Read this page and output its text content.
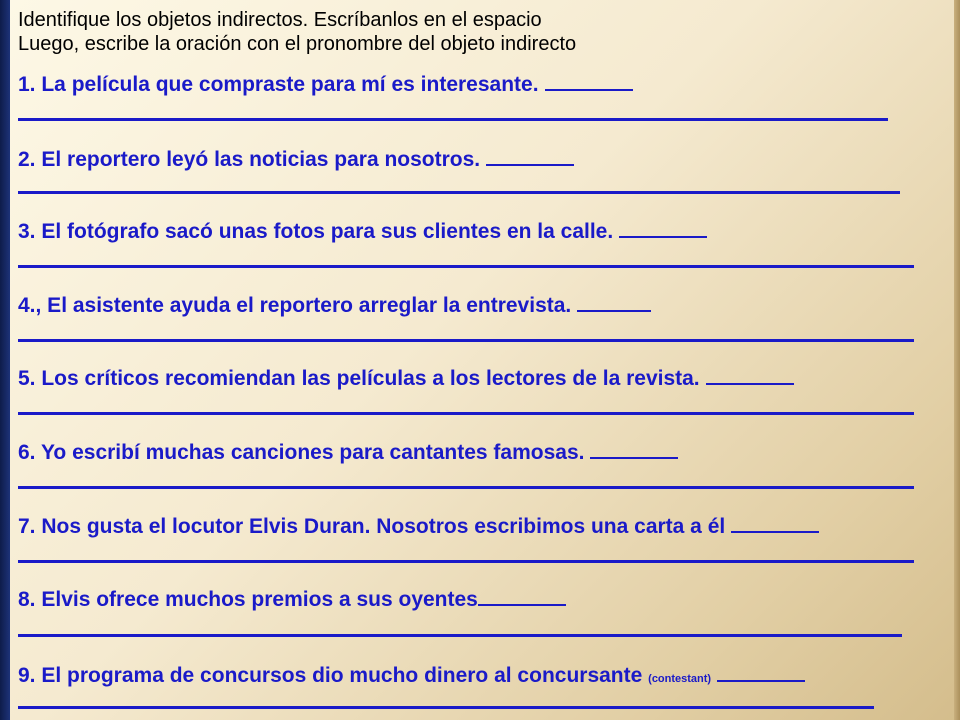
Identifique los objetos indirectos. Escríbanlos en el espacio
Luego, escribe la oración con el pronombre del objeto indirecto
1. La película que compraste para mí es interesante.
2. El reportero leyó las noticias para nosotros.
3. El fotógrafo sacó unas fotos para sus clientes en la calle.
4., El asistente ayuda el reportero arreglar la entrevista.
5. Los críticos recomiendan las películas a los lectores de la revista.
6. Yo escribí muchas canciones para cantantes famosas.
7. Nos gusta el locutor Elvis Duran. Nosotros escribimos una carta a él
8. Elvis ofrece muchos premios a sus oyentes
9. El programa de concursos dio mucho dinero al concursante (contestant)
